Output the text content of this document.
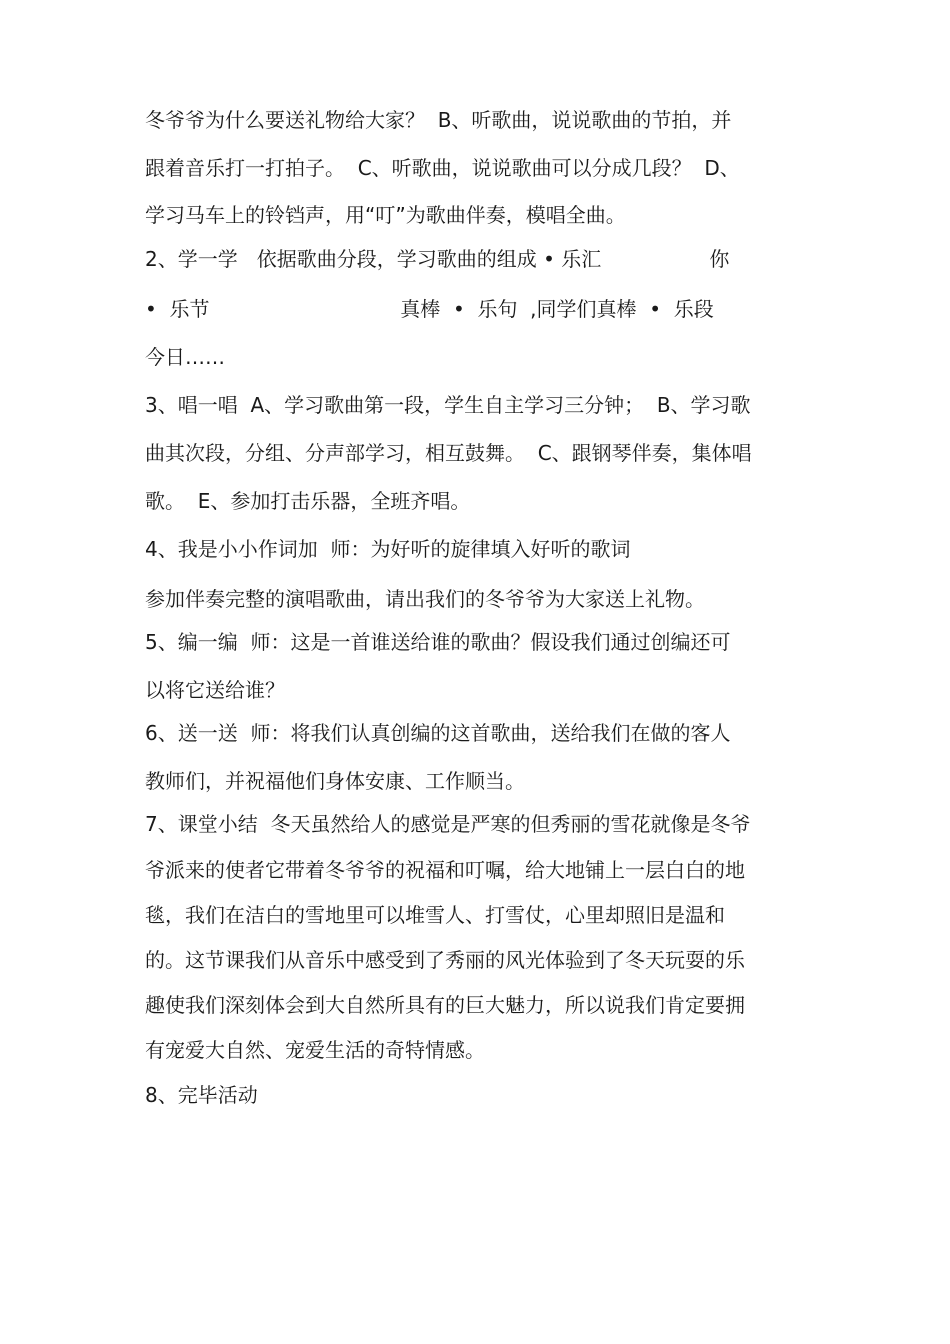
冬爷爷为什么要送礼物给大家？  B、听歌曲，说说歌曲的节拍，并
跟着音乐打一打拍子。  C、听歌曲，说说歌曲可以分成几段？  D、
学习马车上的铃铛声，用“叮”为歌曲伴奏，模唱全曲。
2、学一学   依据歌曲分段，学习歌曲的组成 • 乐汇                 你
•  乐节                              真棒  •  乐句  ,同学们真棒  •  乐段
今日……
3、唱一唱  A、学习歌曲第一段，学生自主学习三分钟；  B、学习歌
曲其次段，分组、分声部学习，相互鼓舞。  C、跟钢琴伴奏，集体唱
歌。  E、参加打击乐器，全班齐唱。
4、我是小小作词加  师：为好听的旋律填入好听的歌词
参加伴奏完整的演唱歌曲，请出我们的冬爷爷为大家送上礼物。
5、编一编  师：这是一首谁送给谁的歌曲？假设我们通过创编还可
以将它送给谁？
6、送一送  师：将我们认真创编的这首歌曲，送给我们在做的客人
教师们，并祝福他们身体安康、工作顺当。
7、课堂小结  冬天虽然给人的感觉是严寒的但秀丽的雪花就像是冬爷
爷派来的使者它带着冬爷爷的祝福和叮嘱，给大地铺上一层白白的地
毯，我们在洁白的雪地里可以堆雪人、打雪仗，心里却照旧是温和
的。这节课我们从音乐中感受到了秀丽的风光体验到了冬天玩耍的乐
趣使我们深刻体会到大自然所具有的巨大魅力，所以说我们肯定要拥
有宠爱大自然、宠爱生活的奇特情感。
8、完毕活动
